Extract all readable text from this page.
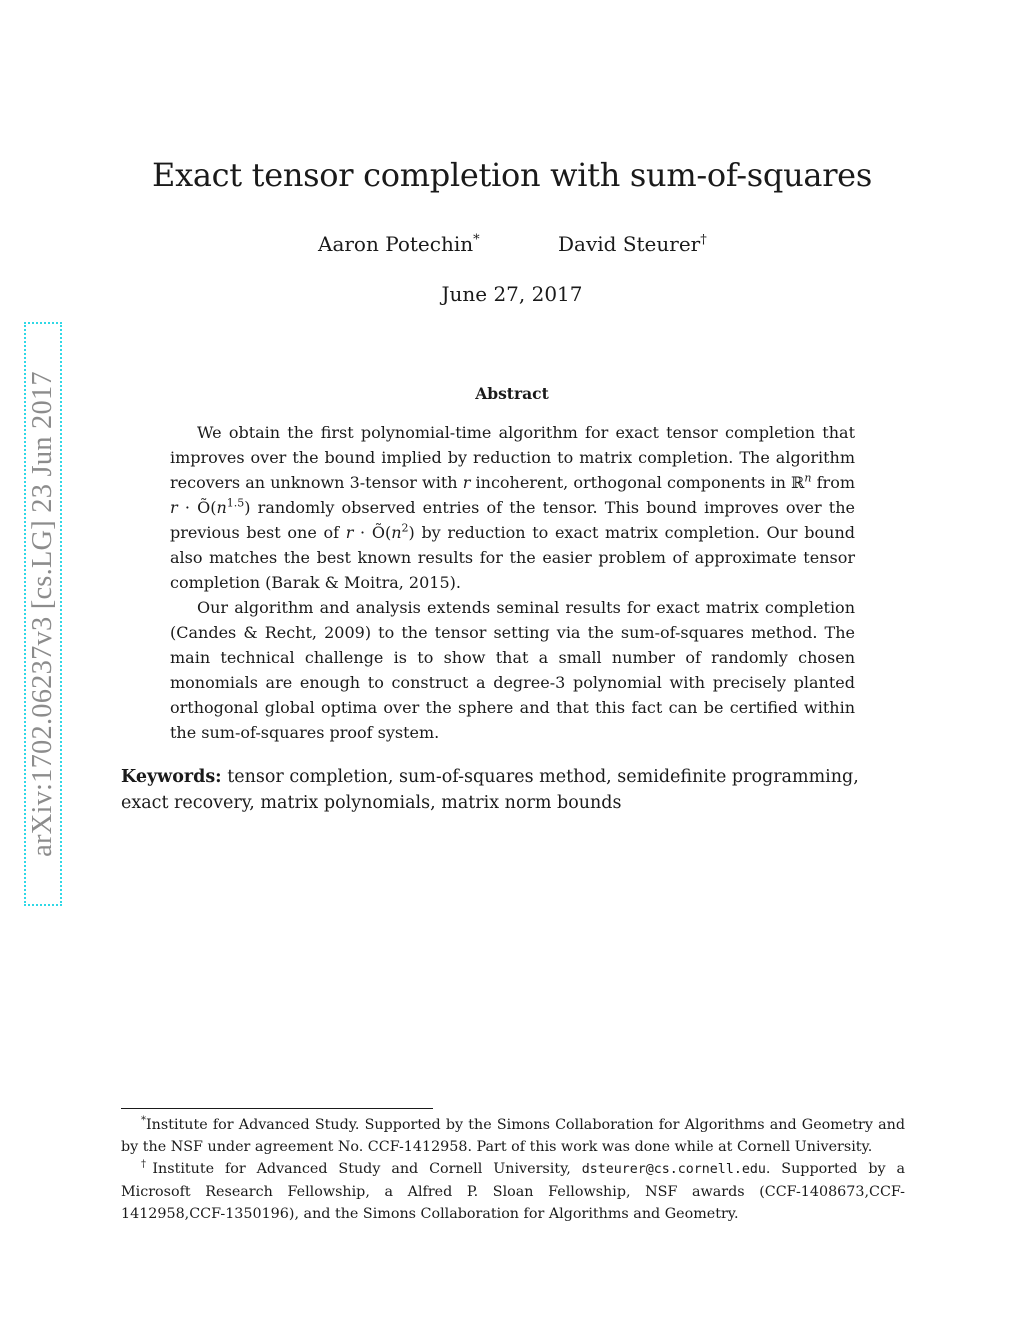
arXiv:1702.06237v3 [cs.LG] 23 Jun 2017
Exact tensor completion with sum-of-squares
Aaron Potechin*	David Steurer†
June 27, 2017
Abstract

We obtain the first polynomial-time algorithm for exact tensor completion that improves over the bound implied by reduction to matrix completion. The algorithm recovers an unknown 3-tensor with r incoherent, orthogonal components in ℝ$^n$ from $r \cdot Õ(n^{1.5})$ randomly observed entries of the tensor. This bound improves over the previous best one of $r \cdot Õ(n^2)$ by reduction to exact matrix completion. Our bound also matches the best known results for the easier problem of approximate tensor completion (Barak & Moitra, 2015).

Our algorithm and analysis extends seminal results for exact matrix completion (Candes & Recht, 2009) to the tensor setting via the sum-of-squares method. The main technical challenge is to show that a small number of randomly chosen monomials are enough to construct a degree-3 polynomial with precisely planted orthogonal global optima over the sphere and that this fact can be certified within the sum-of-squares proof system.

Keywords: tensor completion, sum-of-squares method, semidefinite programming, exact recovery, matrix polynomials, matrix norm bounds

*Institute for Advanced Study. Supported by the Simons Collaboration for Algorithms and Geometry and by the NSF under agreement No. CCF-1412958. Part of this work was done while at Cornell University.

†Institute for Advanced Study and Cornell University, dsteurer@cs.cornell.edu. Supported by a Microsoft Research Fellowship, a Alfred P. Sloan Fellowship, NSF awards (CCF-1408673,CCF-1412958,CCF-1350196), and the Simons Collaboration for Algorithms and Geometry.
